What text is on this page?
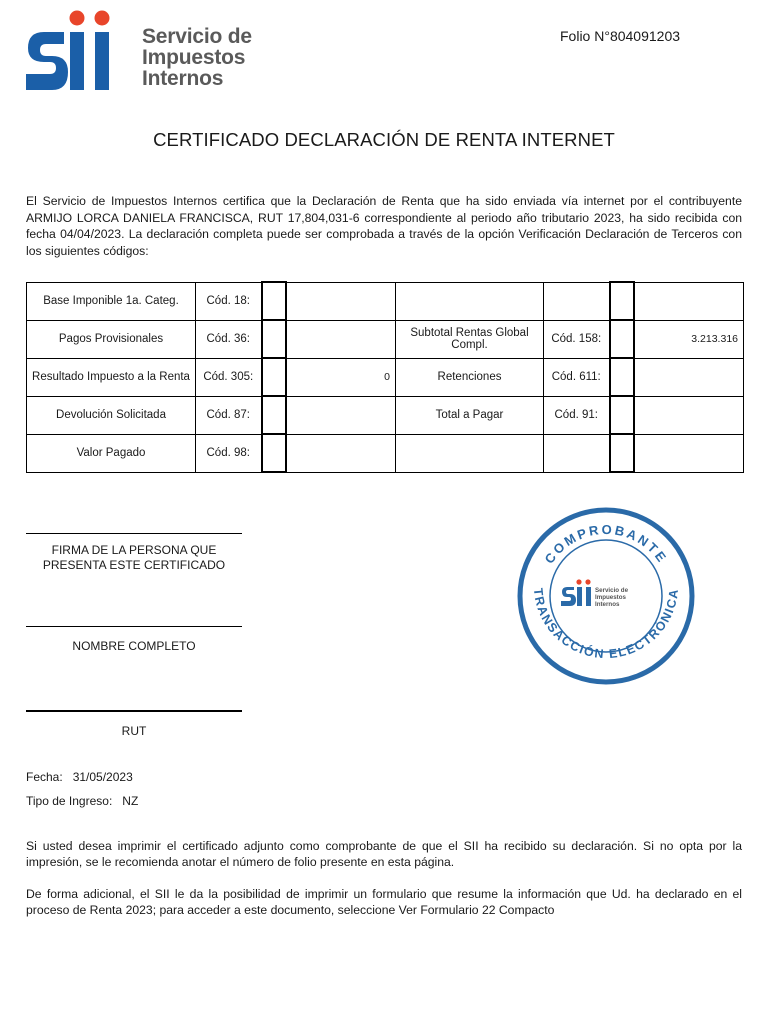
Servicio de
Impuestos
Internos
Folio N°804091203
CERTIFICADO DECLARACIÓN DE RENTA INTERNET
El Servicio de Impuestos Internos certifica que la Declaración de Renta que ha sido enviada vía internet por el contribuyente ARMIJO LORCA DANIELA FRANCISCA, RUT 17,804,031-6 correspondiente al periodo año tributario 2023, ha sido recibida con fecha 04/04/2023. La declaración completa puede ser comprobada a través de la opción Verificación Declaración de Terceros con los siguientes códigos:
Base Imponible 1a. Categ.	Cód. 18:						
Pagos Provisionales	Cód. 36:			Subtotal Rentas Global Compl.	Cód. 158:		3.213.316
Resultado Impuesto a la Renta	Cód. 305:		0	Retenciones	Cód. 611:		
Devolución Solicitada	Cód. 87:			Total a Pagar	Cód. 91:		
Valor Pagado	Cód. 98:						
FIRMA DE LA PERSONA QUE PRESENTA ESTE CERTIFICADO
NOMBRE COMPLETO
RUT
Fecha: 31/05/2023
Tipo de Ingreso: NZ
Si usted desea imprimir el certificado adjunto como comprobante de que el SII ha recibido su declaración. Si no opta por la impresión, se le recomienda anotar el número de folio presente en esta página.
De forma adicional, el SII le da la posibilidad de imprimir un formulario que resume la información que Ud. ha declarado en el proceso de Renta 2023; para acceder a este documento, seleccione Ver Formulario 22 Compacto
COMPROBANTE
TRANSACCIÓN ELECTRÓNICA
Servicio de
Impuestos
Internos
